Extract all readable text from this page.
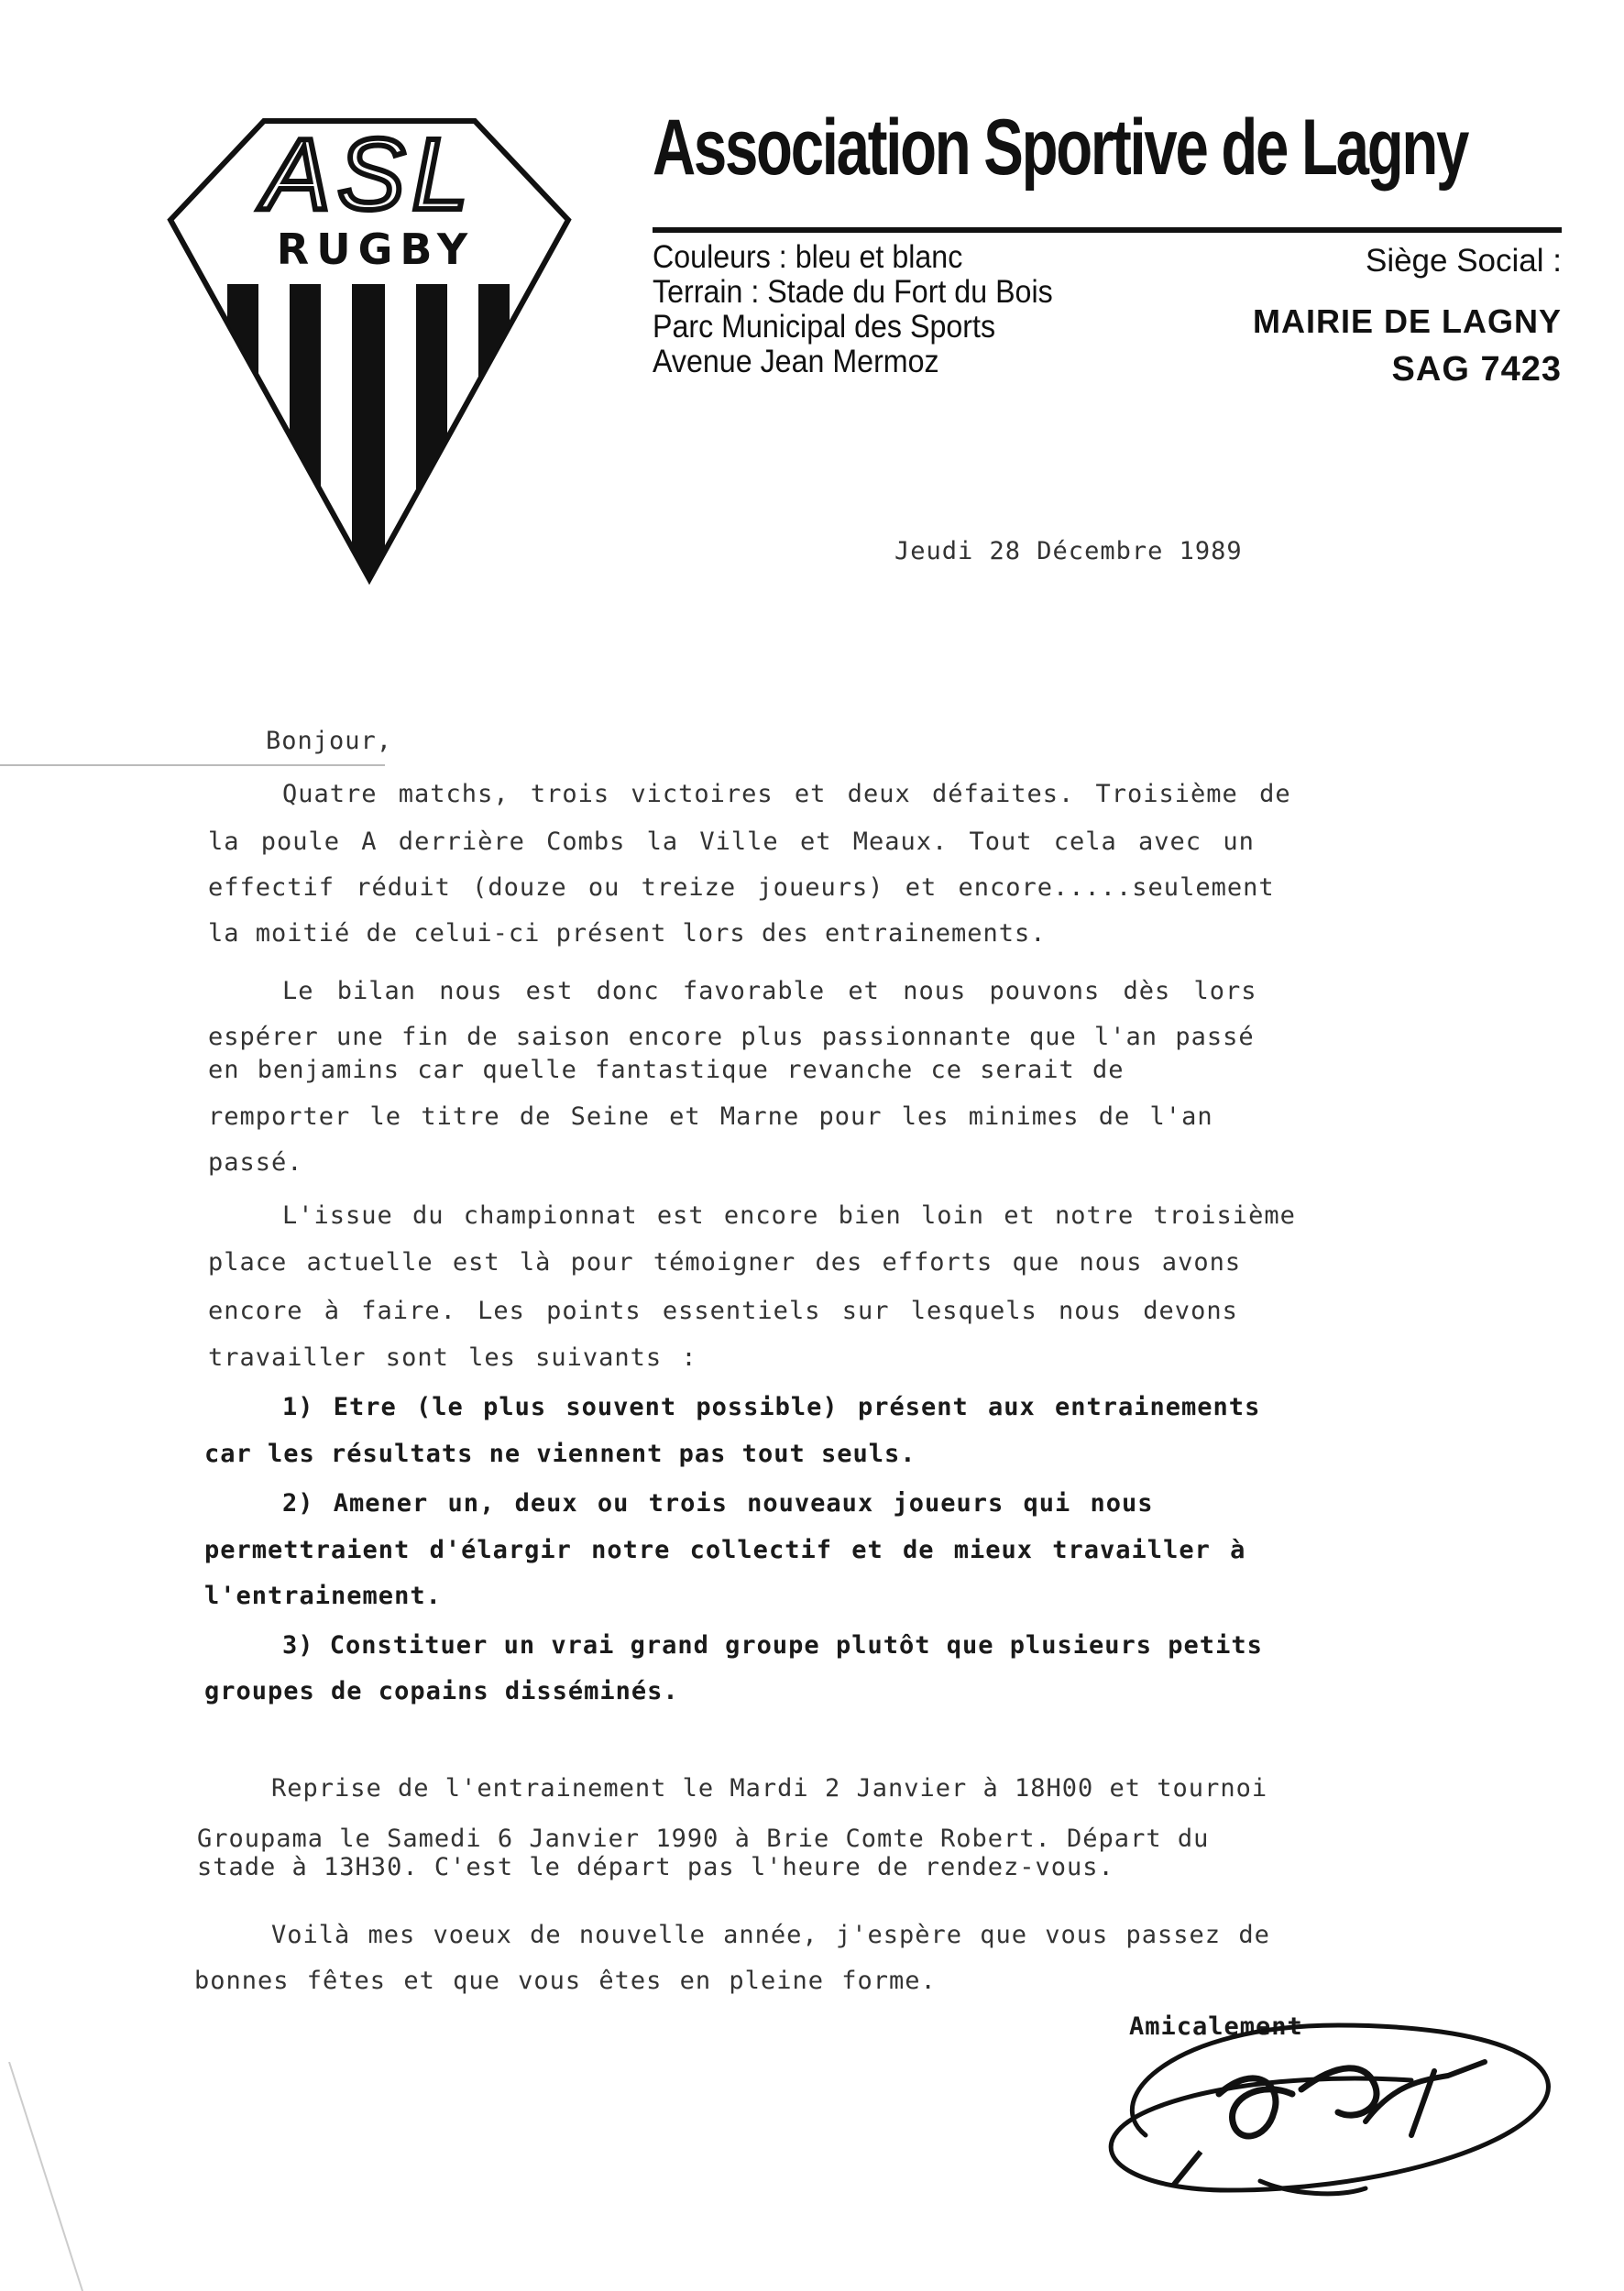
ASL
RUGBY
Association Sportive de Lagny
Couleurs : bleu et blanc
Terrain : Stade du Fort du Bois
Parc Municipal des Sports
Avenue Jean Mermoz
Siège Social :
MAIRIE DE LAGNY
SAG 7423
Jeudi 28 Décembre 1989
Bonjour,
Quatre matchs, trois victoires et deux défaites. Troisième de
la poule A derrière Combs la Ville et Meaux. Tout cela avec un
effectif réduit (douze ou treize joueurs) et encore.....seulement
la moitié de celui-ci présent lors des entrainements.
Le bilan nous est donc favorable et nous pouvons dès lors
espérer une fin de saison encore plus passionnante que l'an passé
en benjamins car quelle fantastique revanche ce serait de
remporter le titre de Seine et Marne pour les minimes de l'an
passé.
L'issue du championnat est encore bien loin et notre troisième
place actuelle est là pour témoigner des efforts que nous avons
encore à faire. Les points essentiels sur lesquels nous devons
travailler sont les suivants :
1) Etre (le plus souvent possible) présent aux entrainements
car les résultats ne viennent pas tout seuls.
2) Amener un, deux ou trois nouveaux joueurs qui nous
permettraient d'élargir notre collectif et de mieux travailler à
l'entrainement.
3) Constituer un vrai grand groupe plutôt que plusieurs petits
groupes de copains disséminés.
Reprise de l'entrainement le Mardi 2 Janvier à 18H00 et tournoi
Groupama le Samedi 6 Janvier 1990 à Brie Comte Robert. Départ du
stade à 13H30. C'est le départ pas l'heure de rendez-vous.
Voilà mes voeux de nouvelle année, j'espère que vous passez de
bonnes fêtes et que vous êtes en pleine forme.
Amicalement
